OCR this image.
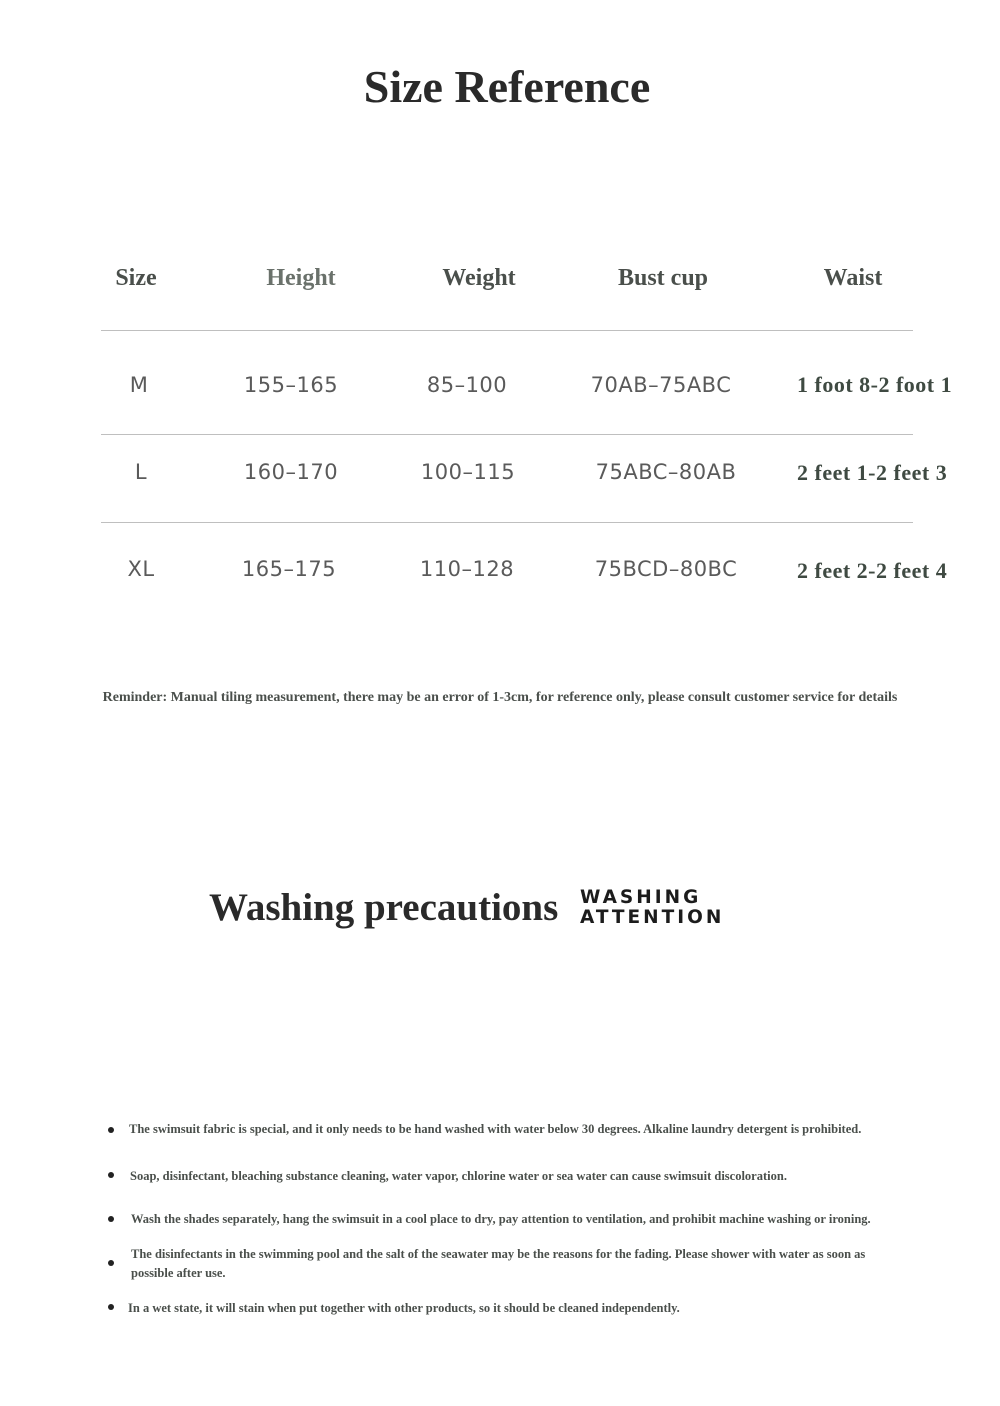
Size Reference
Size	Height	Weight	Bust cup	Waist
M	155–165	85–100	70AB–75ABC	1 foot 8-2 foot 1
L	160–170	100–115	75ABC–80AB	2 feet 1-2 feet 3
XL	165–175	110–128	75BCD–80BC	2 feet 2-2 feet 4

Reminder: Manual tiling measurement, there may be an error of 1-3cm, for reference only, please consult customer service for details

Washing precautions WASHING
ATTENTION
The swimsuit fabric is special, and it only needs to be hand washed with water below 30 degrees. Alkaline laundry detergent is prohibited.
Soap, disinfectant, bleaching substance cleaning, water vapor, chlorine water or sea water can cause swimsuit discoloration.
Wash the shades separately, hang the swimsuit in a cool place to dry, pay attention to ventilation, and prohibit machine washing or ironing.
The disinfectants in the swimming pool and the salt of the seawater may be the reasons for the fading. Please shower with water as soon as possible after use.
In a wet state, it will stain when put together with other products, so it should be cleaned independently.
